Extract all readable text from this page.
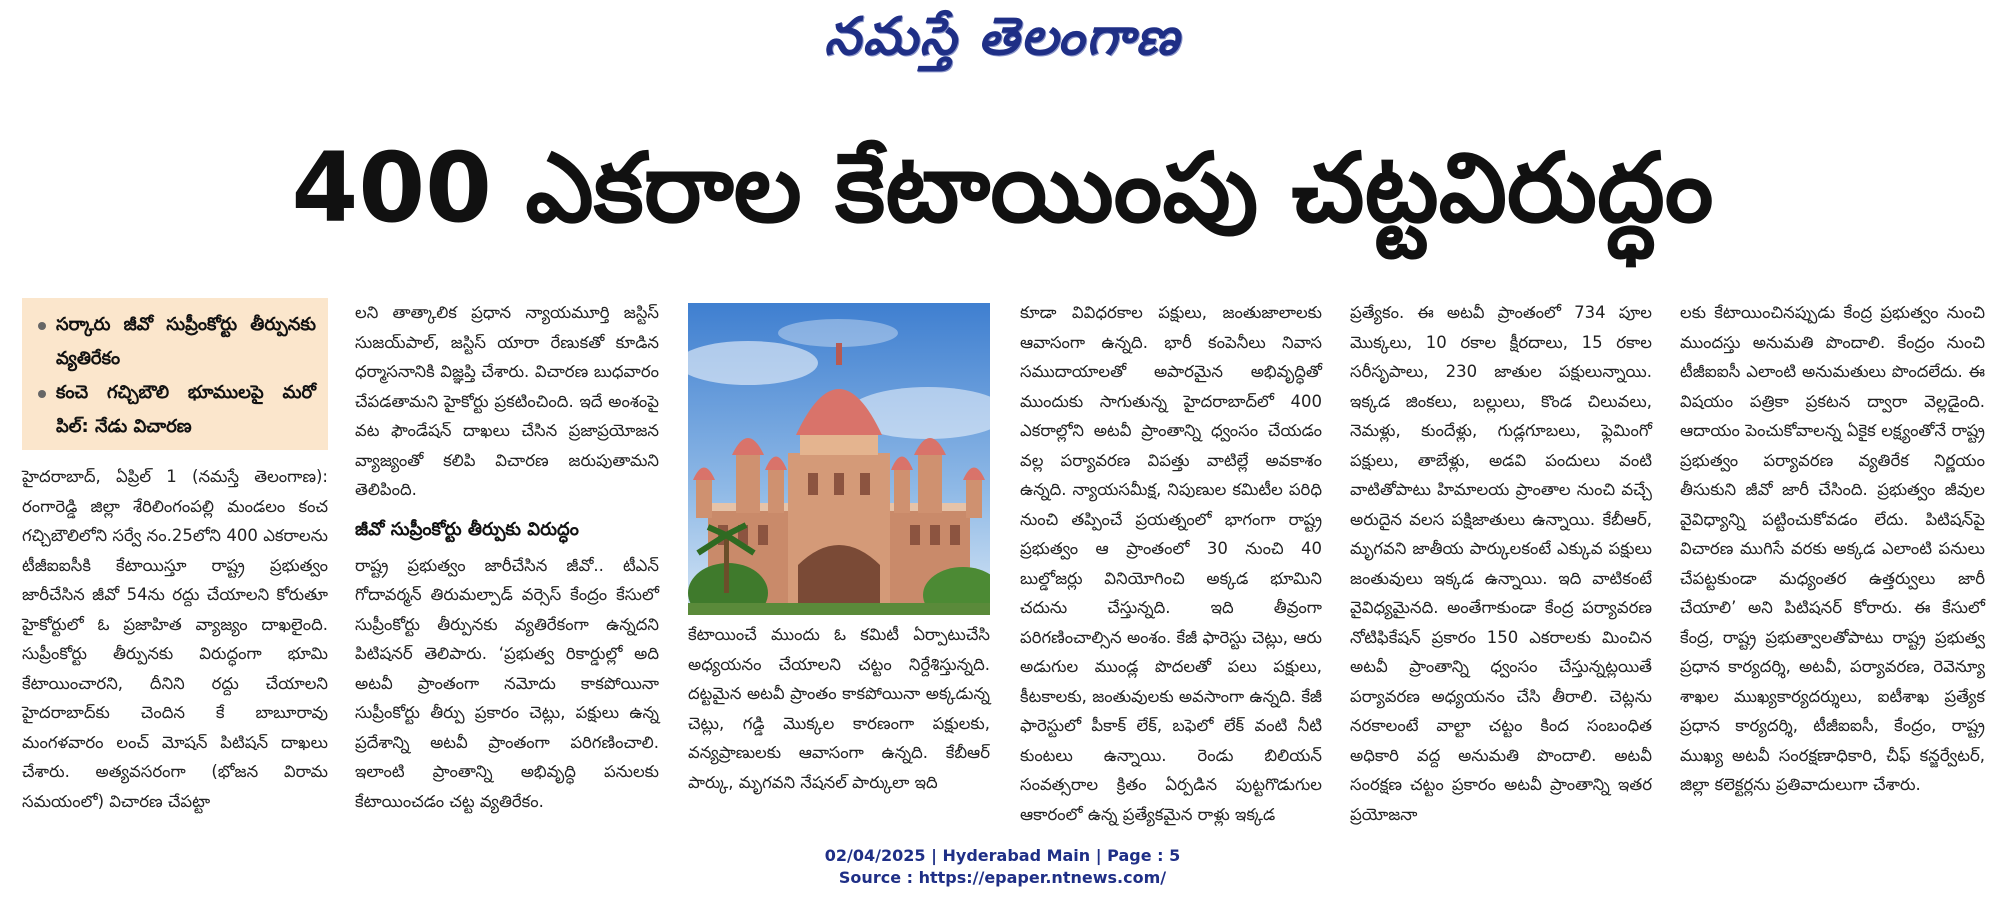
నమస్తే తెలంగాణ
400 ఎకరాల కేటాయింపు చట్టవిరుద్ధం

సర్కారు జీవో సుప్రీంకోర్టు తీర్పునకు వ్యతిరేకం

కంచె గచ్చిబౌలి భూములపై మరో పిల్: నేడు విచారణ

హైదరాబాద్, ఏప్రిల్ 1 (నమస్తే తెలంగాణ): రంగారెడ్డి జిల్లా శేరిలింగంపల్లి మండలం కంచ గచ్చిబౌలిలోని సర్వే నం.25లోని 400 ఎకరాలను టీజీఐఐసీకి కేటాయిస్తూ రాష్ట్ర ప్రభుత్వం జారీచేసిన జీవో 54ను రద్దు చేయాలని కోరుతూ హైకోర్టులో ఓ ప్రజాహిత వ్యాజ్యం దాఖలైంది. సుప్రీంకోర్టు తీర్పునకు విరుద్ధంగా భూమి కేటాయించారని, దీనిని రద్దు చేయాలని హైదరాబాద్‌కు చెందిన కే బాబూరావు మంగళవారం లంచ్ మోషన్ పిటిషన్ దాఖలు చేశారు. అత్యవసరంగా (భోజన విరామ సమయంలో) విచారణ చేపట్టా

లని తాత్కాలిక ప్రధాన న్యాయమూర్తి జస్టిస్ సుజయ్‌పాల్, జస్టిస్ యారా రేణుకతో కూడిన ధర్మాసనానికి విజ్ఞప్తి చేశారు. విచారణ బుధవారం చేపడతామని హైకోర్టు ప్రకటించింది. ఇదే అంశంపై వట ఫౌండేషన్ దాఖలు చేసిన ప్రజాప్రయోజన వ్యాజ్యంతో కలిపి విచారణ జరుపుతామని తెలిపింది.

జీవో సుప్రీంకోర్టు తీర్పుకు విరుద్ధం

రాష్ట్ర ప్రభుత్వం జారీచేసిన జీవో.. టీఎన్ గోదావర్మన్ తిరుమల్పాడ్ వర్సెస్ కేంద్రం కేసులో సుప్రీంకోర్టు తీర్పునకు వ్యతిరేకంగా ఉన్నదని పిటిషనర్ తెలిపారు. ‘ప్రభుత్వ రికార్డుల్లో అది అటవీ ప్రాంతంగా నమోదు కాకపోయినా సుప్రీంకోర్టు తీర్పు ప్రకారం చెట్లు, పక్షులు ఉన్న ప్రదేశాన్ని అటవీ ప్రాంతంగా పరిగణించాలి. ఇలాంటి ప్రాంతాన్ని అభివృద్ధి పనులకు కేటాయించడం చట్ట వ్యతిరేకం.

కేటాయించే ముందు ఓ కమిటీ ఏర్పాటుచేసి అధ్యయనం చేయాలని చట్టం నిర్దేశిస్తున్నది. దట్టమైన అటవీ ప్రాంతం కాకపోయినా అక్కడున్న చెట్లు, గడ్డి మొక్కల కారణంగా పక్షులకు, వన్యప్రాణులకు ఆవాసంగా ఉన్నది. కేబీఆర్ పార్కు, మృగవని నేషనల్ పార్కులా ఇది

కూడా వివిధరకాల పక్షులు, జంతుజాలాలకు ఆవాసంగా ఉన్నది. భారీ కంపెనీలు నివాస సముదాయాలతో అపారమైన అభివృద్ధితో ముందుకు సాగుతున్న హైదరాబాద్‌లో 400 ఎకరాల్లోని అటవీ ప్రాంతాన్ని ధ్వంసం చేయడం వల్ల పర్యావరణ విపత్తు వాటిల్లే అవకాశం ఉన్నది. న్యాయసమీక్ష, నిపుణుల కమిటీల పరిధి నుంచి తప్పించే ప్రయత్నంలో భాగంగా రాష్ట్ర ప్రభుత్వం ఆ ప్రాంతంలో 30 నుంచి 40 బుల్డోజర్లు వినియోగించి అక్కడ భూమిని చదును చేస్తున్నది. ఇది తీవ్రంగా పరిగణించాల్సిన అంశం. కేజీ ఫారెస్టు చెట్లు, ఆరు అడుగుల ముండ్ల పొదలతో పలు పక్షులు, కీటకాలకు, జంతువులకు అవసాంగా ఉన్నది. కేజీ ఫారెస్టులో పీకాక్ లేక్, బఫెలో లేక్ వంటి నీటి కుంటలు ఉన్నాయి. రెండు బిలియన్ సంవత్సరాల క్రితం ఏర్పడిన పుట్టగొడుగుల ఆకారంలో ఉన్న ప్రత్యేకమైన రాళ్లు ఇక్కడ

ప్రత్యేకం. ఈ అటవీ ప్రాంతంలో 734 పూల మొక్కలు, 10 రకాల క్షీరదాలు, 15 రకాల సరీసృపాలు, 230 జాతుల పక్షులున్నాయి. ఇక్కడ జింకలు, బల్లులు, కొండ చిలువలు, నెమళ్లు, కుందేళ్లు, గుడ్లగూబలు, ఫ్లెమింగో పక్షులు, తాబేళ్లు, అడవి పందులు వంటి వాటితోపాటు హిమాలయ ప్రాంతాల నుంచి వచ్చే అరుదైన వలస పక్షిజాతులు ఉన్నాయి. కేబీఆర్, మృగవని జాతీయ పార్కులకంటే ఎక్కువ పక్షులు జంతువులు ఇక్కడ ఉన్నాయి. ఇది వాటికంటే వైవిధ్యమైనది. అంతేగాకుండా కేంద్ర పర్యావరణ నోటిఫికేషన్ ప్రకారం 150 ఎకరాలకు మించిన అటవీ ప్రాంతాన్ని ధ్వంసం చేస్తున్నట్లయితే పర్యావరణ అధ్యయనం చేసి తీరాలి. చెట్లను నరకాలంటే వాల్టా చట్టం కింద సంబంధిత అధికారి వద్ద అనుమతి పొందాలి. అటవీ సంరక్షణ చట్టం ప్రకారం అటవీ ప్రాంతాన్ని ఇతర ప్రయోజనా

లకు కేటాయించినప్పుడు కేంద్ర ప్రభుత్వం నుంచి ముందస్తు అనుమతి పొందాలి. కేంద్రం నుంచి టీజీఐఐసీ ఎలాంటి అనుమతులు పొందలేదు. ఈ విషయం పత్రికా ప్రకటన ద్వారా వెల్లడైంది. ఆదాయం పెంచుకోవాలన్న ఏకైక లక్ష్యంతోనే రాష్ట్ర ప్రభుత్వం పర్యావరణ వ్యతిరేక నిర్ణయం తీసుకుని జీవో జారీ చేసింది. ప్రభుత్వం జీవుల వైవిధ్యాన్ని పట్టించుకోవడం లేదు. పిటిషన్‌పై విచారణ ముగిసే వరకు అక్కడ ఎలాంటి పనులు చేపట్టకుండా మధ్యంతర ఉత్తర్వులు జారీ చేయాలి’ అని పిటిషనర్ కోరారు. ఈ కేసులో కేంద్ర, రాష్ట్ర ప్రభుత్వాలతోపాటు రాష్ట్ర ప్రభుత్వ ప్రధాన కార్యదర్శి, అటవీ, పర్యావరణ, రెవెన్యూ శాఖల ముఖ్యకార్యదర్శులు, ఐటీశాఖ ప్రత్యేక ప్రధాన కార్యదర్శి, టీజీఐఐసీ, కేంద్రం, రాష్ట్ర ముఖ్య అటవీ సంరక్షణాధికారి, చీఫ్ కన్జర్వేటర్, జిల్లా కలెక్టర్లను ప్రతివాదులుగా చేశారు.

02/04/2025 | Hyderabad Main | Page : 5
Source : https://epaper.ntnews.com/
